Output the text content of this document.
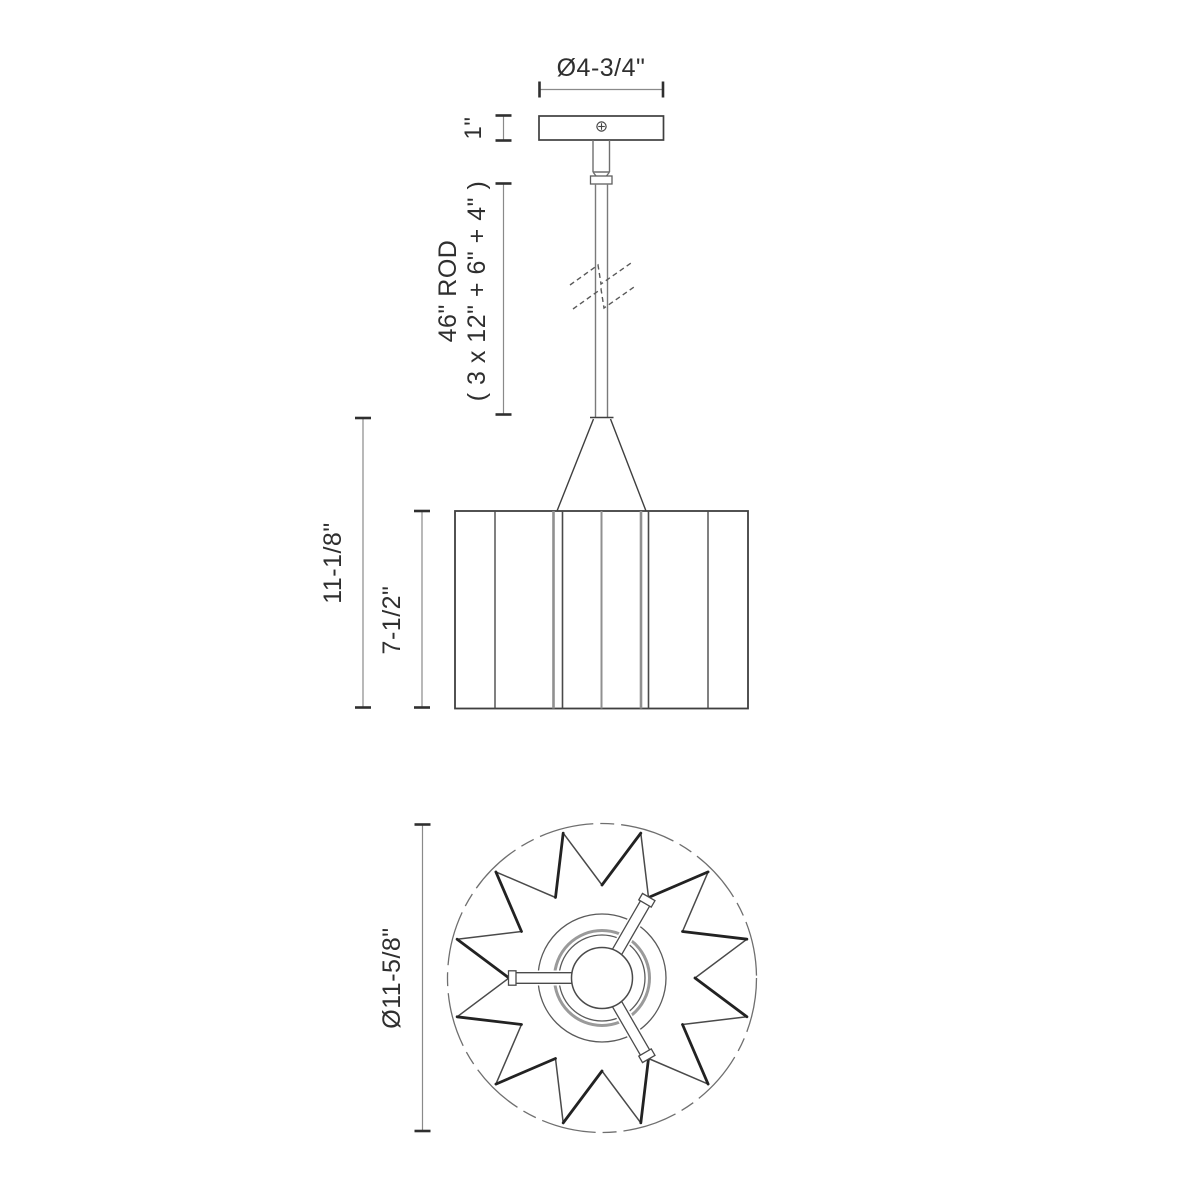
Ø4-3/4"
1"
46" ROD ( 3 x 12" + 6" + 4" )
11-1/8"
7-1/2"
Ø11-5/8"
